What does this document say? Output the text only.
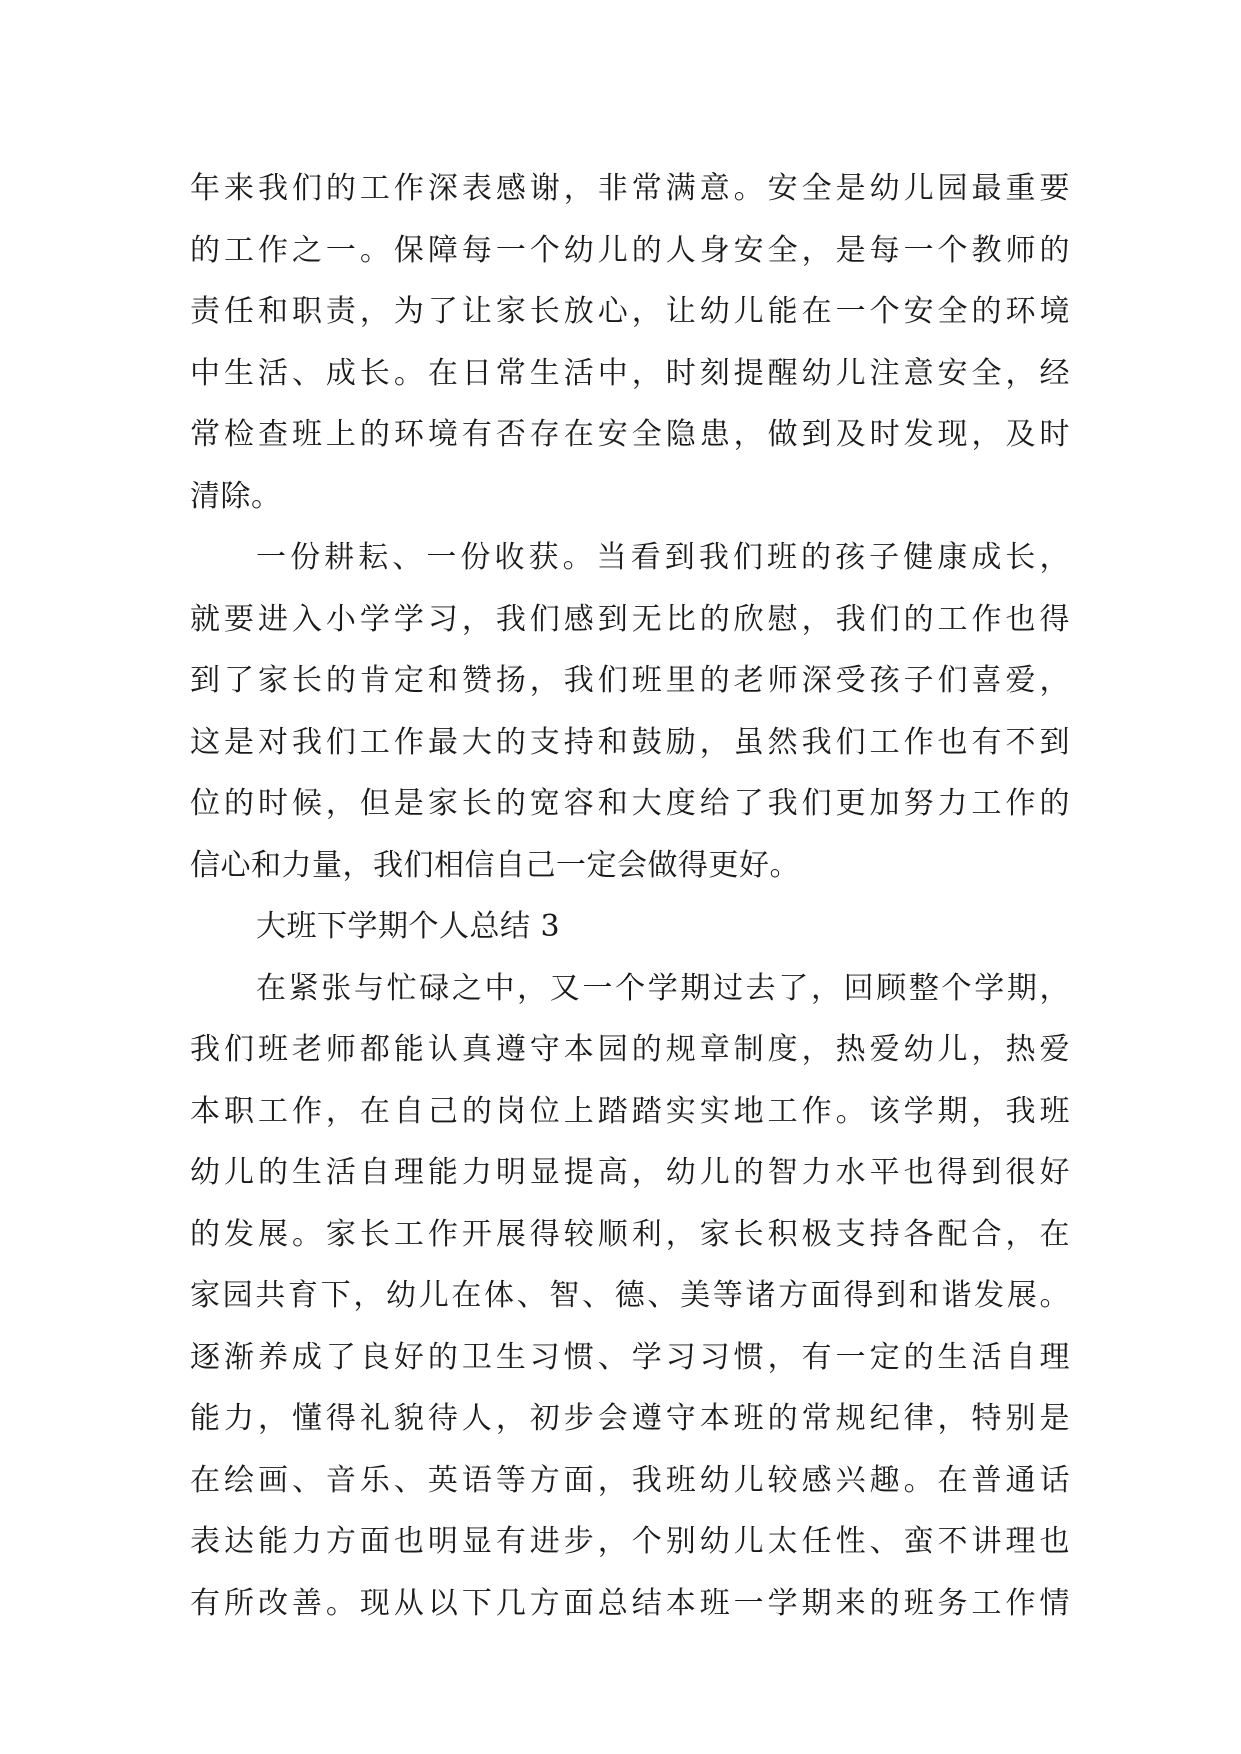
年来我们的工作深表感谢，非常满意。安全是幼儿园最重要
的工作之一。保障每一个幼儿的人身安全，是每一个教师的
责任和职责，为了让家长放心，让幼儿能在一个安全的环境
中生活、成长。在日常生活中，时刻提醒幼儿注意安全，经
常检查班上的环境有否存在安全隐患，做到及时发现，及时
清除。
一份耕耘、一份收获。当看到我们班的孩子健康成长，
就要进入小学学习，我们感到无比的欣慰，我们的工作也得
到了家长的肯定和赞扬，我们班里的老师深受孩子们喜爱，
这是对我们工作最大的支持和鼓励，虽然我们工作也有不到
位的时候，但是家长的宽容和大度给了我们更加努力工作的
信心和力量，我们相信自己一定会做得更好。
大班下学期个人总结 3
在紧张与忙碌之中，又一个学期过去了，回顾整个学期，
我们班老师都能认真遵守本园的规章制度，热爱幼儿，热爱
本职工作，在自己的岗位上踏踏实实地工作。该学期，我班
幼儿的生活自理能力明显提高，幼儿的智力水平也得到很好
的发展。家长工作开展得较顺利，家长积极支持各配合，在
家园共育下，幼儿在体、智、德、美等诸方面得到和谐发展。
逐渐养成了良好的卫生习惯、学习习惯，有一定的生活自理
能力，懂得礼貌待人，初步会遵守本班的常规纪律，特别是
在绘画、音乐、英语等方面，我班幼儿较感兴趣。在普通话
表达能力方面也明显有进步，个别幼儿太任性、蛮不讲理也
有所改善。现从以下几方面总结本班一学期来的班务工作情
